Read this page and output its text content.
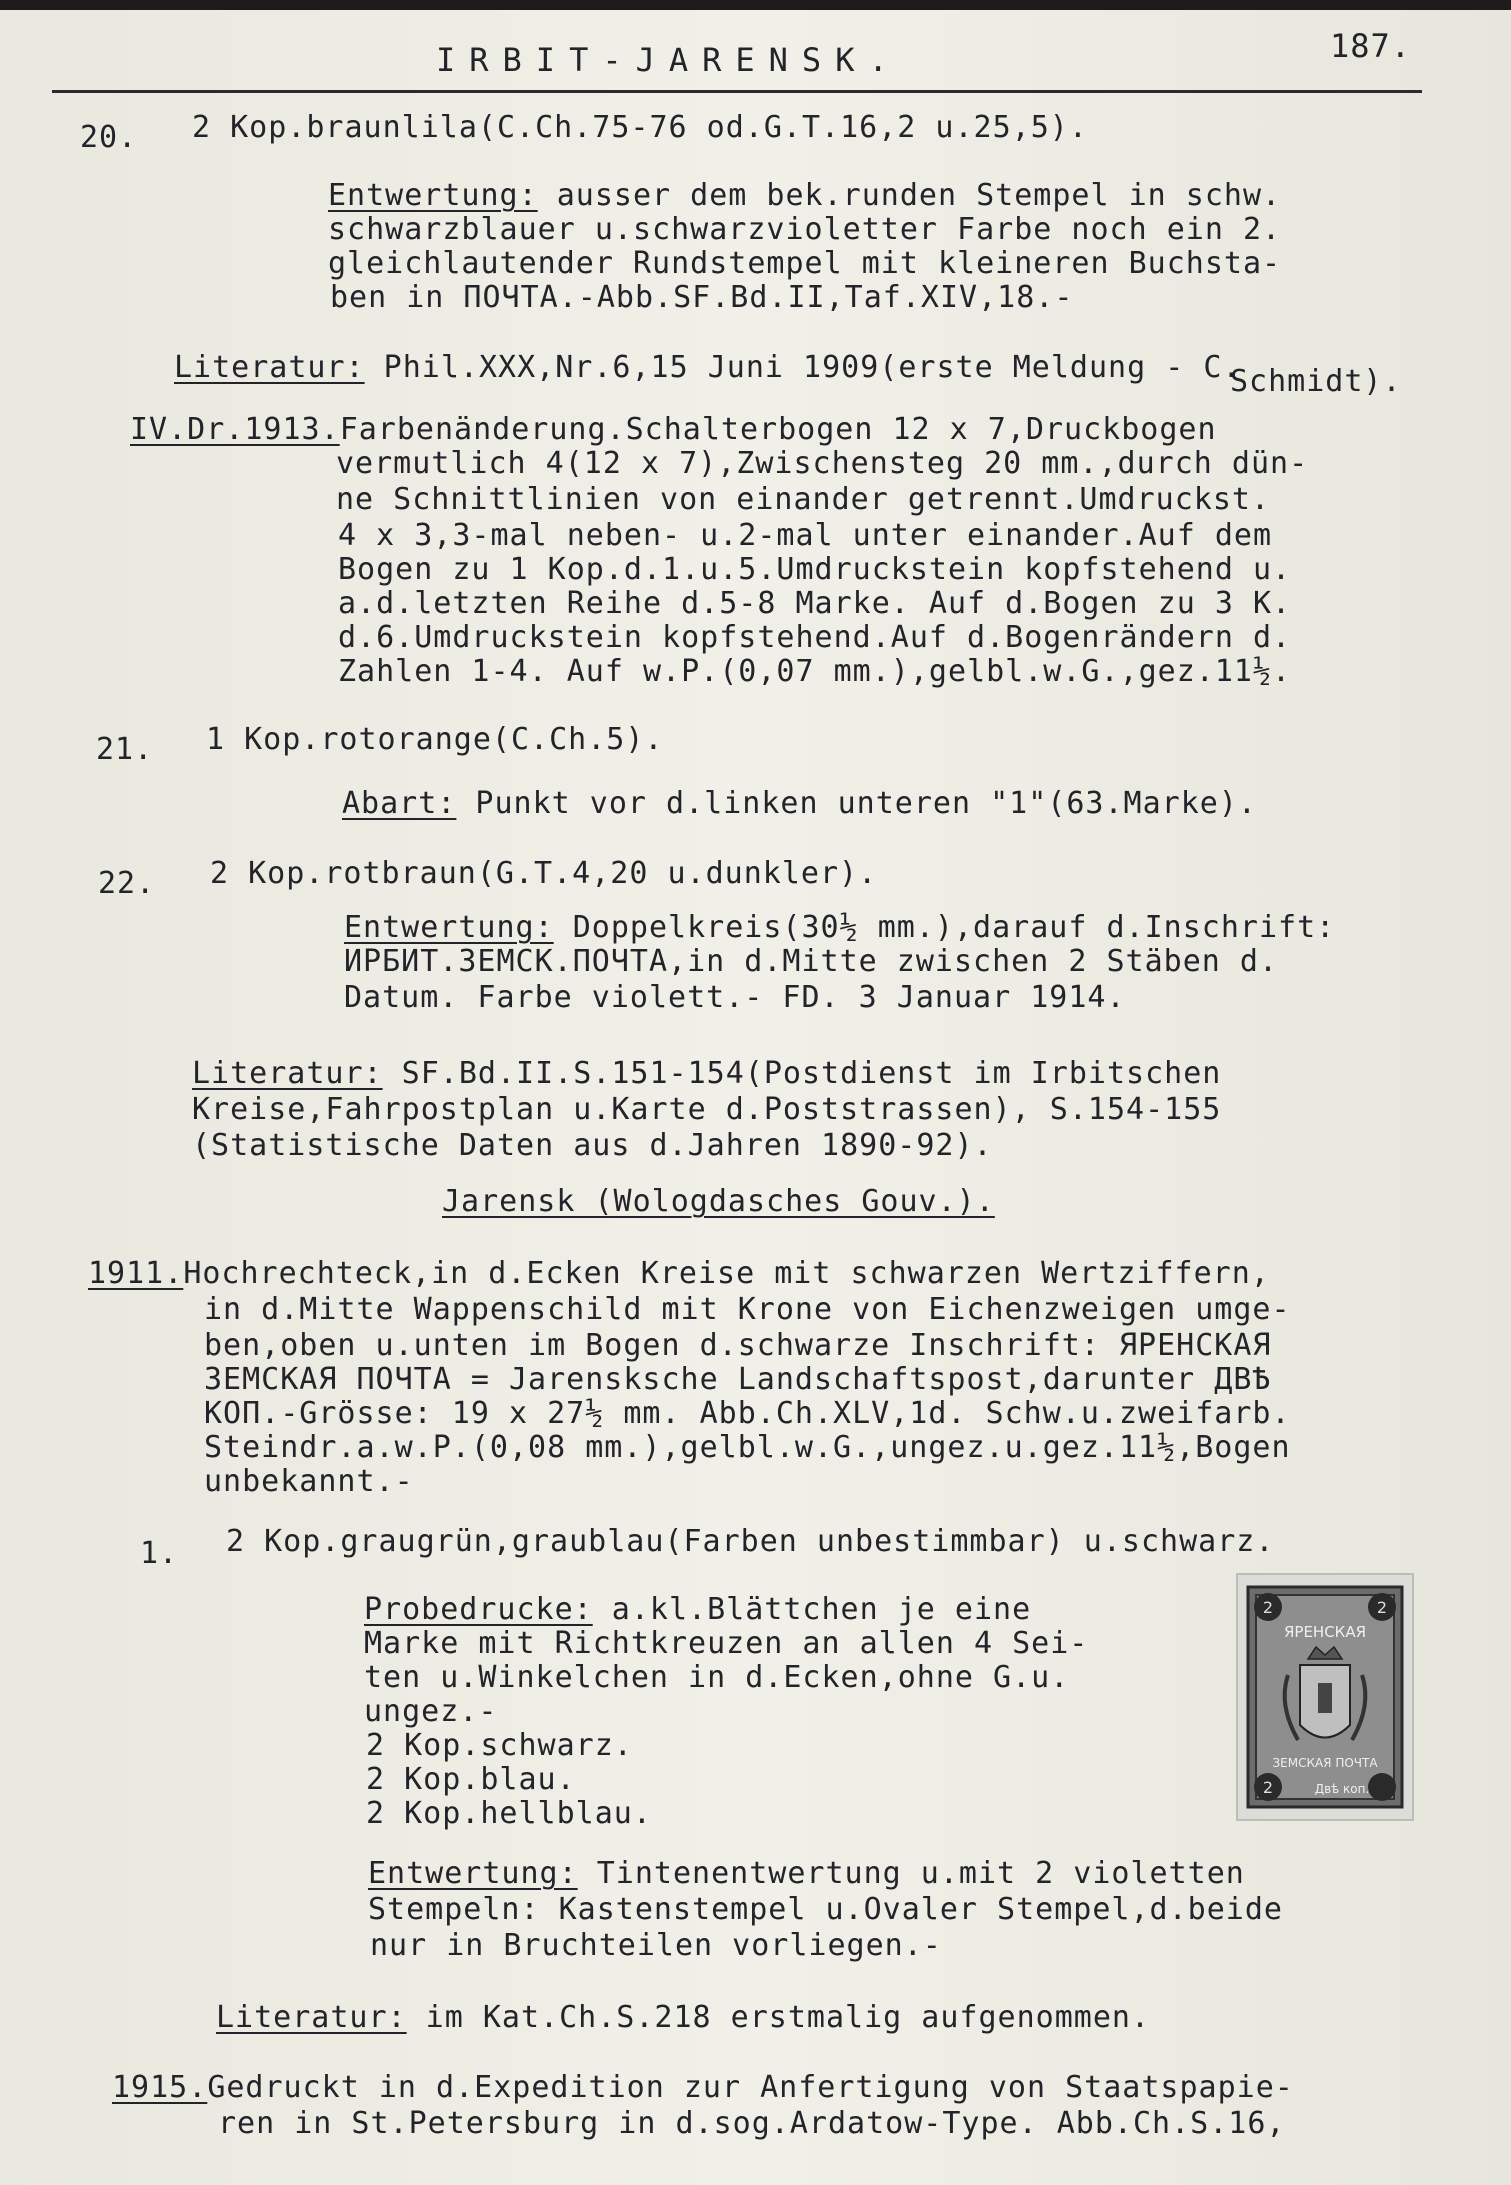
IRBIT-JARENSK.	187.
20. 2 Kop.braunlila(C.Ch.75-76 od.G.T.16,2 u.25,5).
Entwertung: ausser dem bek.runden Stempel in schw.
schwarzblauer u.schwarzvioletter Farbe noch ein 2.
gleichlautender Rundstempel mit kleineren Buchsta-
ben in ПОЧТА.-Abb.SF.Bd.II,Taf.XIV,18.-
Literatur: Phil.XXX,Nr.6,15 Juni 1909(erste Meldung - C.
Schmidt).
IV.Dr.1913.Farbenänderung.Schalterbogen 12 x 7,Druckbogen
vermutlich 4(12 x 7),Zwischensteg 20 mm.,durch dün-
ne Schnittlinien von einander getrennt.Umdruckst.
4 x 3,3-mal neben- u.2-mal unter einander.Auf dem
Bogen zu 1 Kop.d.1.u.5.Umdruckstein kopfstehend u.
a.d.letzten Reihe d.5-8 Marke. Auf d.Bogen zu 3 K.
d.6.Umdruckstein kopfstehend.Auf d.Bogenrändern d.
Zahlen 1-4. Auf w.P.(0,07 mm.),gelbl.w.G.,gez.11½.
21. 1 Kop.rotorange(C.Ch.5).
Abart: Punkt vor d.linken unteren "1"(63.Marke).
22. 2 Kop.rotbraun(G.T.4,20 u.dunkler).
Entwertung: Doppelkreis(30½ mm.),darauf d.Inschrift:
ИРБИТ.ЗЕМСК.ПОЧТА,in d.Mitte zwischen 2 Stäben d.
Datum. Farbe violett.- FD. 3 Januar 1914.
Literatur: SF.Bd.II.S.151-154(Postdienst im Irbitschen
Kreise,Fahrpostplan u.Karte d.Poststrassen), S.154-155
(Statistische Daten aus d.Jahren 1890-92).
Jarensk (Wologdasches Gouv.).
1911.Hochrechteck,in d.Ecken Kreise mit schwarzen Wertziffern,
in d.Mitte Wappenschild mit Krone von Eichenzweigen umge-
ben,oben u.unten im Bogen d.schwarze Inschrift: ЯРЕНСКАЯ
ЗЕМСКАЯ ПОЧТА = Jarensksche Landschaftspost,darunter ДВѢ
КОП.-Grösse: 19 x 27½ mm. Abb.Ch.XLV,1d. Schw.u.zweifarb.
Steindr.a.w.P.(0,08 mm.),gelbl.w.G.,ungez.u.gez.11½,Bogen
unbekannt.-
1. 2 Kop.graugrün,graublau(Farben unbestimmbar) u.schwarz.
Probedrucke: a.kl.Blättchen je eine
Marke mit Richtkreuzen an allen 4 Sei-
ten u.Winkelchen in d.Ecken,ohne G.u.
ungez.-
2 Kop.schwarz.
2 Kop.blau.
2 Kop.hellblau.
Entwertung: Tintenentwertung u.mit 2 violetten
Stempeln: Kastenstempel u.Ovaler Stempel,d.beide
nur in Bruchteilen vorliegen.-
2	2
2
ЯРЕНСКАЯ
ЗЕМСКАЯ ПОЧТА
Двѣ коп.
Literatur: im Kat.Ch.S.218 erstmalig aufgenommen.
1915.Gedruckt in d.Expedition zur Anfertigung von Staatspapie-
ren in St.Petersburg in d.sog.Ardatow-Type. Abb.Ch.S.16,
